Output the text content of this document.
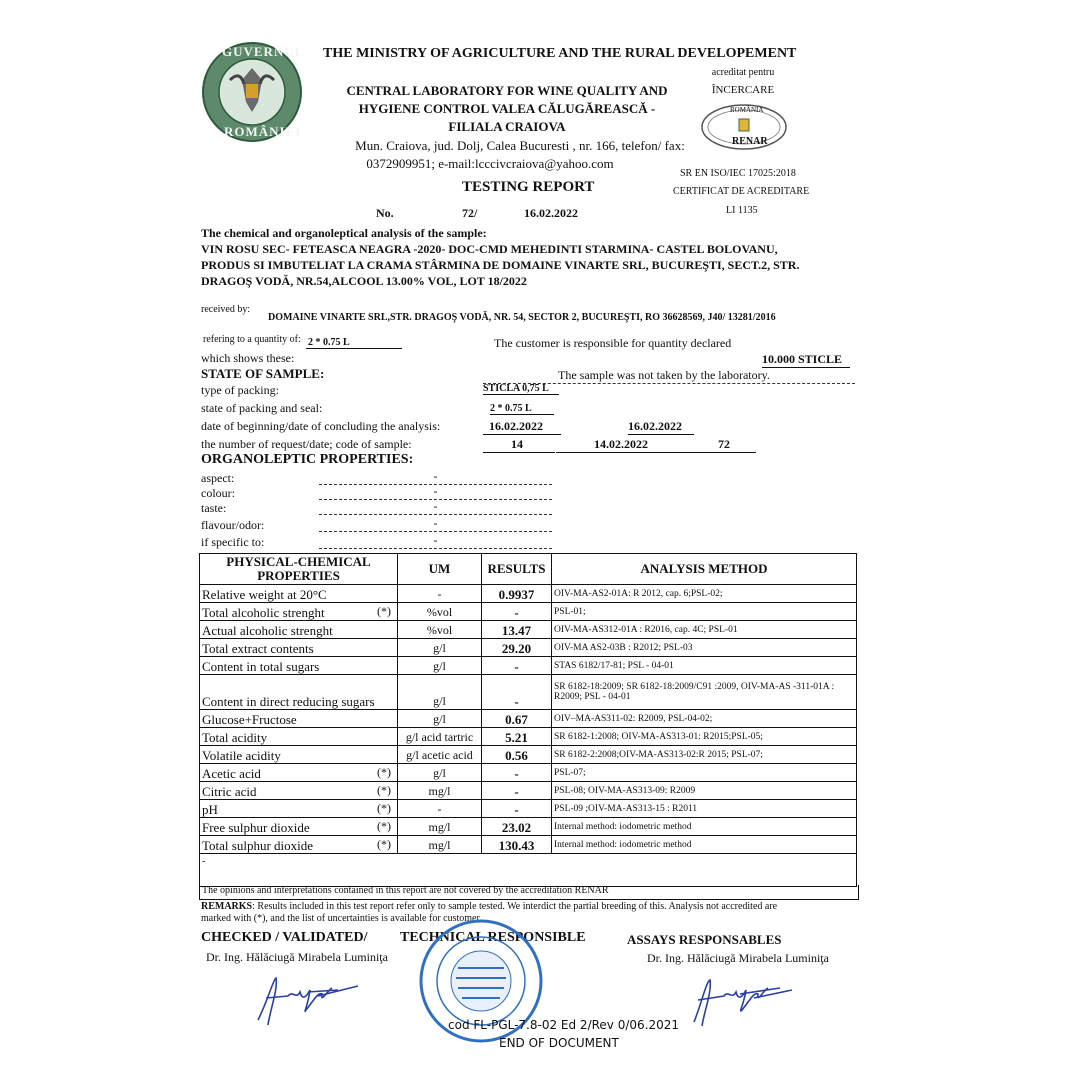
GUVERNUL
ROMÂNIEI
THE MINISTRY OF AGRICULTURE AND THE RURAL DEVELOPEMENT
CENTRAL LABORATORY FOR WINE QUALITY AND
HYGIENE CONTROL VALEA CĂLUGĂREASCĂ -
FILIALA CRAIOVA
Mun. Craiova, jud. Dolj, Calea Bucuresti , nr. 166, telefon/ fax:
0372909951; e-mail:lcccivcraiova@yahoo.com
acreditat pentru
ÎNCERCARE
ROMÂNIA
RENAR
SR EN ISO/IEC 17025:2018
CERTIFICAT DE ACREDITARE
LI 1135
TESTING REPORT
No.	72/	16.02.2022
The chemical and organoleptical analysis of the sample:
VIN ROSU SEC- FETEASCA NEAGRA -2020- DOC-CMD MEHEDINTI STARMINA- CASTEL BOLOVANU,
PRODUS SI IMBUTELIAT LA CRAMA STÂRMINA DE DOMAINE VINARTE SRL, BUCUREŞTI, SECT.2, STR.
DRAGOŞ VODĂ, NR.54,ALCOOL 13.00% VOL, LOT 18/2022
received by:
DOMAINE VINARTE SRL,STR. DRAGOŞ VODĂ, NR. 54, SECTOR 2, BUCUREŞTI, RO 36628569, J40/ 13281/2016
refering to a quantity of: 2 * 0.75 L	The customer is responsible for quantity declared
which shows these:	10.000 STICLE
STATE OF SAMPLE:	The sample was not taken by the laboratory.
type of packing:	STICLA 0,75 L
state of packing and seal:	2 * 0.75 L
date of beginning/date of concluding the analysis:	16.02.2022	16.02.2022
the number of request/date; code of sample:	14	14.02.2022	72
ORGANOLEPTIC PROPERTIES:
aspect:	-
colour:	-
taste:	-
flavour/odor:	-
if specific to:	-
PHYSICAL-CHEMICAL PROPERTIES	UM	RESULTS	ANALYSIS METHOD
Relative weight at 20°C	-	0.9937	OIV-MA-AS2-01A: R 2012, cap. 6;PSL-02;
Total alcoholic strenght (*)	%vol	-	PSL-01;
Actual alcoholic strenght	%vol	13.47	OIV-MA-AS312-01A : R2016, cap. 4C; PSL-01
Total extract contents	g/l	29.20	OIV-MA AS2-03B : R2012; PSL-03
Content in total sugars	g/l	-	STAS 6182/17-81; PSL - 04-01
Content in direct reducing sugars	g/l	-	SR 6182-18:2009; SR 6182-18:2009/C91 :2009, OIV-MA-AS -311-01A : R2009; PSL - 04-01
Glucose+Fructose	g/l	0.67	OIV–MA-AS311-02: R2009, PSL-04-02;
Total acidity	g/l acid tartric	5.21	SR 6182-1:2008; OIV-MA-AS313-01: R2015;PSL-05;
Volatile acidity	g/l acetic acid	0.56	SR 6182-2:2008;OIV-MA-AS313-02:R 2015; PSL-07;
Acetic acid (*)	g/l	-	PSL-07;
Citric acid (*)	mg/l	-	PSL-08; OIV-MA-AS313-09: R2009
pH (*)	-	-	PSL-09 ;OIV-MA-AS313-15 : R2011
Free sulphur dioxide (*)	mg/l	23.02	Internal method: iodometric method
Total sulphur dioxide (*)	mg/l	130.43	Internal method: iodometric method
-			
The opinions and interpretations contained in this report are not covered by the accreditation RENAR
REMARKS: Results included in this test report refer only to sample tested. We interdict the partial breeding of this. Analysis not accredited are
marked with (*), and the list of uncertainties is available for customer.
CHECKED / VALIDATED/ TECHNICAL RESPONSIBLE	ASSAYS RESPONSABLES
Dr. Ing. Hălăciugă Mirabela Luminiţa	Dr. Ing. Hălăciugă Mirabela Luminiţa
cod FL-PGL-7.8-02 Ed 2/Rev 0/06.2021
END OF DOCUMENT
